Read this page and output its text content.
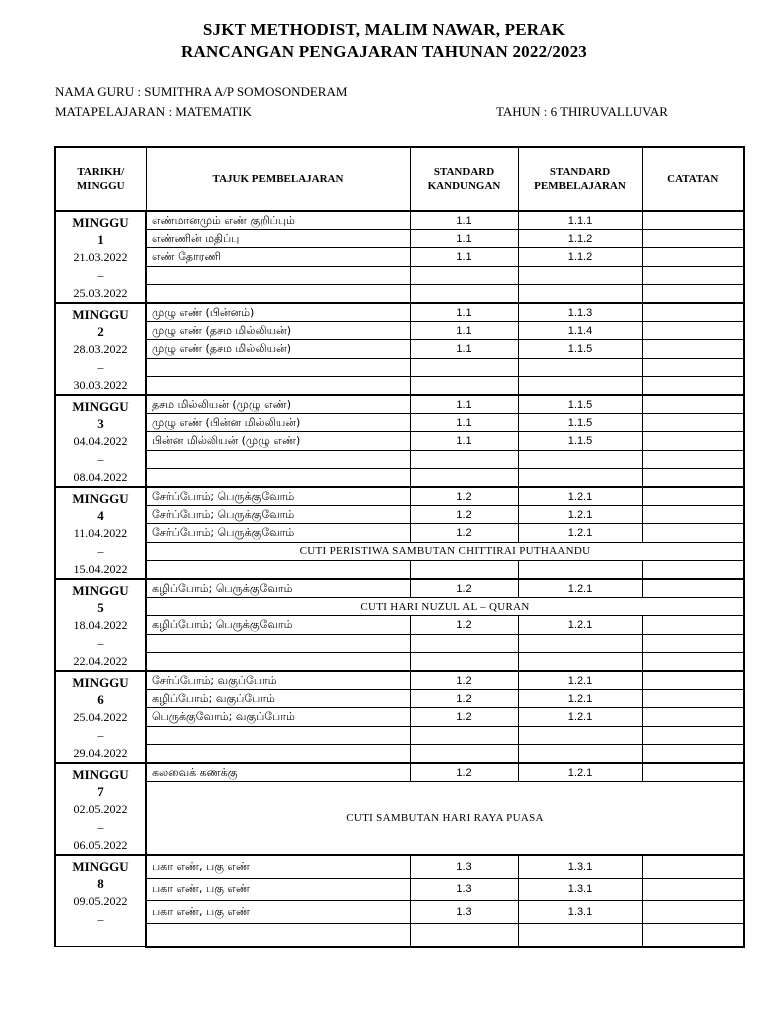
SJKT METHODIST, MALIM NAWAR, PERAK
RANCANGAN PENGAJARAN TAHUNAN 2022/2023
NAMA GURU : SUMITHRA A/P SOMOSONDERAM
MATAPELAJARAN : MATEMATIK	TAHUN : 6 THIRUVALLUVAR
TARIKH/ MINGGU	TAJUK PEMBELAJARAN	STANDARD KANDUNGAN	STANDARD PEMBELAJARAN	CATATAN

MINGGU
1
21.03.2022
–
25.03.2022	எண்மானமும் எண் குறிப்பும்	1.1	1.1.1	
	எண்ணின் மதிப்பு	1.1	1.1.2	
	எண் தோரணி	1.1	1.1.2	

MINGGU
2
28.03.2022
–
30.03.2022	முழு எண் (பின்னம்)	1.1	1.1.3	
	முழு எண் (தசம மில்லியன்)	1.1	1.1.4	
	முழு எண் (தசம மில்லியன்)	1.1	1.1.5	

MINGGU
3
04.04.2022
–
08.04.2022	தசம மில்லியன் (முழு எண்)	1.1	1.1.5	
	முழு எண் (பின்ன மில்லியன்)	1.1	1.1.5	
	பின்ன மில்லியன் (முழு எண்)	1.1	1.1.5	

MINGGU
4
11.04.2022
–
15.04.2022	சேர்ப்போம்; பெருக்குவோம்	1.2	1.2.1	
	சேர்ப்போம்; பெருக்குவோம்	1.2	1.2.1	
	சேர்ப்போம்; பெருக்குவோம்	1.2	1.2.1	
	CUTI PERISTIWA SAMBUTAN CHITTIRAI PUTHAANDU			

MINGGU
5
18.04.2022
–
22.04.2022	கழிப்போம்; பெருக்குவோம்	1.2	1.2.1	
	CUTI HARI NUZUL AL – QURAN			
	கழிப்போம்; பெருக்குவோம்	1.2	1.2.1	

MINGGU
6
25.04.2022
–
29.04.2022	சேர்ப்போம்; வகுப்போம்	1.2	1.2.1	
	கழிப்போம்; வகுப்போம்	1.2	1.2.1	
	பெருக்குவோம்; வகுப்போம்	1.2	1.2.1	

MINGGU
7
02.05.2022
–
06.05.2022	கலவைக் கணக்கு	1.2	1.2.1	
	CUTI SAMBUTAN HARI RAYA PUASA			

MINGGU
8
09.05.2022
–	பகா எண், பகு எண்	1.3	1.3.1	
	பகா எண், பகு எண்	1.3	1.3.1	
	பகா எண், பகு எண்	1.3	1.3.1	
